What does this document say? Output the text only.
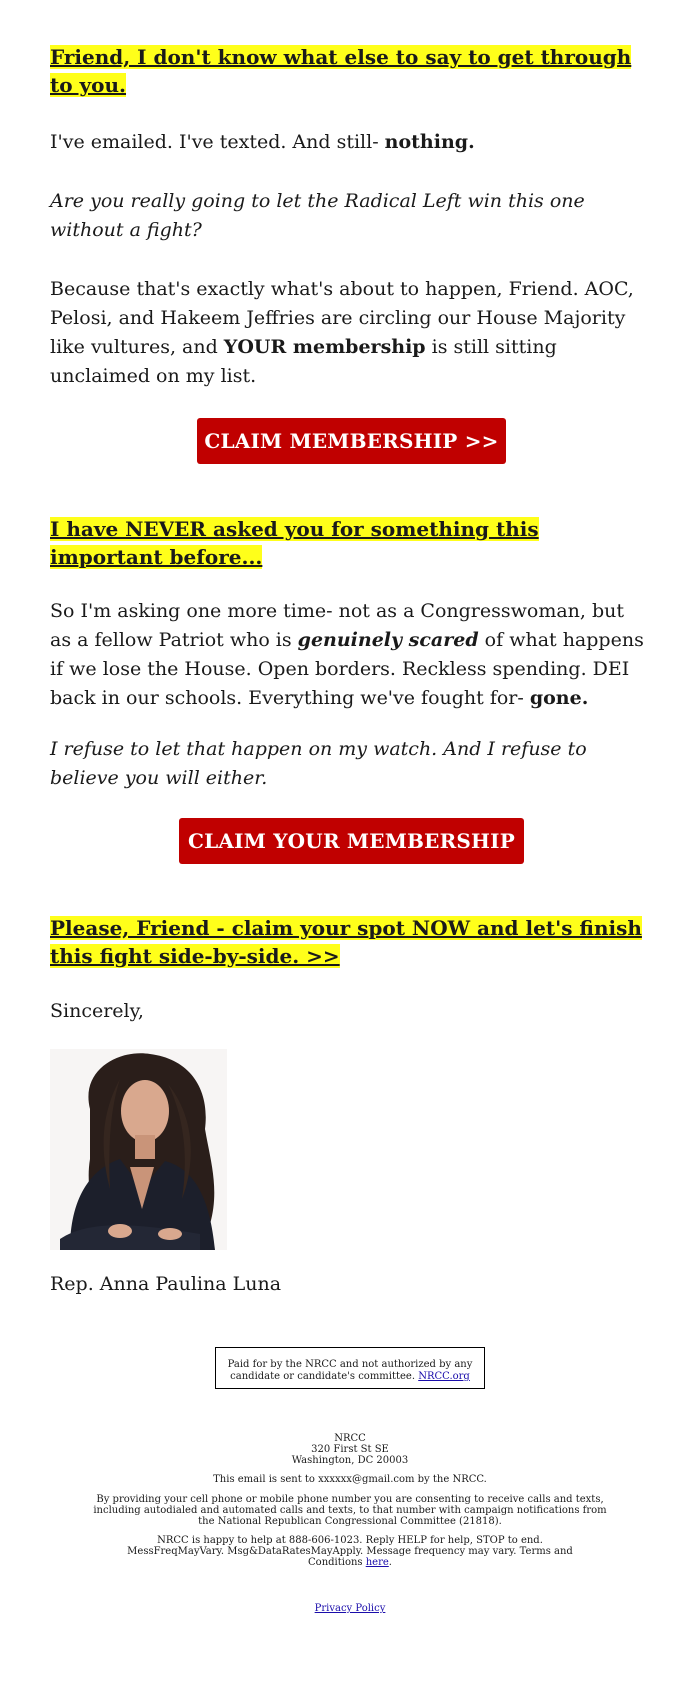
Friend, I don't know what else to say to get through to you.

I've emailed. I've texted. And still- nothing.

Are you really going to let the Radical Left win this one without a fight?

Because that's exactly what's about to happen, Friend. AOC, Pelosi, and Hakeem Jeffries are circling our House Majority like vultures, and YOUR membership is still sitting unclaimed on my list.

CLAIM MEMBERSHIP >>
I have NEVER asked you for something this important before...

So I'm asking one more time- not as a Congresswoman, but as a fellow Patriot who is genuinely scared of what happens if we lose the House. Open borders. Reckless spending. DEI back in our schools. Everything we've fought for- gone.

I refuse to let that happen on my watch. And I refuse to believe you will either.

CLAIM YOUR MEMBERSHIP
Please, Friend - claim your spot NOW and let's finish this fight side-by-side. >>

Sincerely,

Rep. Anna Paulina Luna

Paid for by the NRCC and not authorized by any candidate or candidate's committee. NRCC.org
NRCC
320 First St SE
Washington, DC 20003
This email is sent to xxxxxx@gmail.com by the NRCC.
By providing your cell phone or mobile phone number you are consenting to receive calls and texts, including autodialed and automated calls and texts, to that number with campaign notifications from the National Republican Congressional Committee (21818).
NRCC is happy to help at 888-606-1023. Reply HELP for help, STOP to end. MessFreqMayVary. Msg&DataRatesMayApply. Message frequency may vary. Terms and Conditions here.
Privacy Policy
